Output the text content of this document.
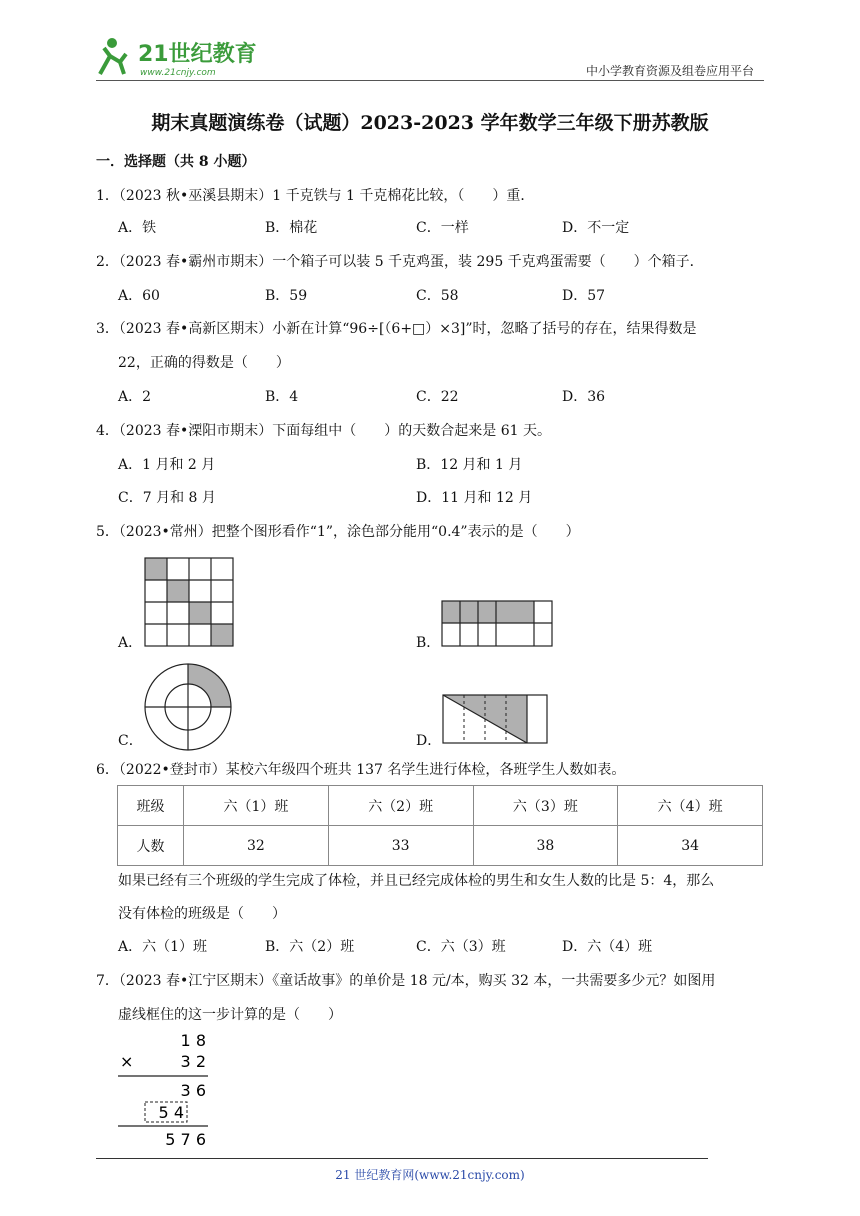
21世纪教育
www.21cnjy.com	中小学教育资源及组卷应用平台
期末真题演练卷（试题）2023-2023 学年数学三年级下册苏教版
一．选择题（共 8 小题）
1．（2023 秋•巫溪县期末）1 千克铁与 1 千克棉花比较，（　　）重．
A．铁	B．棉花	C．一样	D．不一定
2．（2023 春•霸州市期末）一个箱子可以装 5 千克鸡蛋，装 295 千克鸡蛋需要（　　）个箱子．
A．60	B．59	C．58	D．57
3．（2023 春•高新区期末）小新在计算“96÷[（6+□）×3]”时，忽略了括号的存在，结果得数是
22，正确的得数是（　　）
A．2	B．4	C．22	D．36
4．（2023 春•溧阳市期末）下面每组中（　　）的天数合起来是 61 天。
A．1 月和 2 月	B．12 月和 1 月
C．7 月和 8 月	D．11 月和 12 月
5．（2023•常州）把整个图形看作“1”，涂色部分能用“0.4”表示的是（　　）
A．	B．
C．	D．
6．（2022•登封市）某校六年级四个班共 137 名学生进行体检，各班学生人数如表。
班级	六（1）班	六（2）班	六（3）班	六（4）班
人数	32	33	38	34
如果已经有三个班级的学生完成了体检，并且已经完成体检的男生和女生人数的比是 5：4，那么
没有体检的班级是（　　）
A．六（1）班	B．六（2）班	C．六（3）班	D．六（4）班
7．（2023 春•江宁区期末）《童话故事》的单价是 18 元/本，购买 32 本，一共需要多少元？如图用
虚线框住的这一步计算的是（　　）
1 8
×	3 2
3 6
5 4
5 7 6
21 世纪教育网(www.21cnjy.com)
